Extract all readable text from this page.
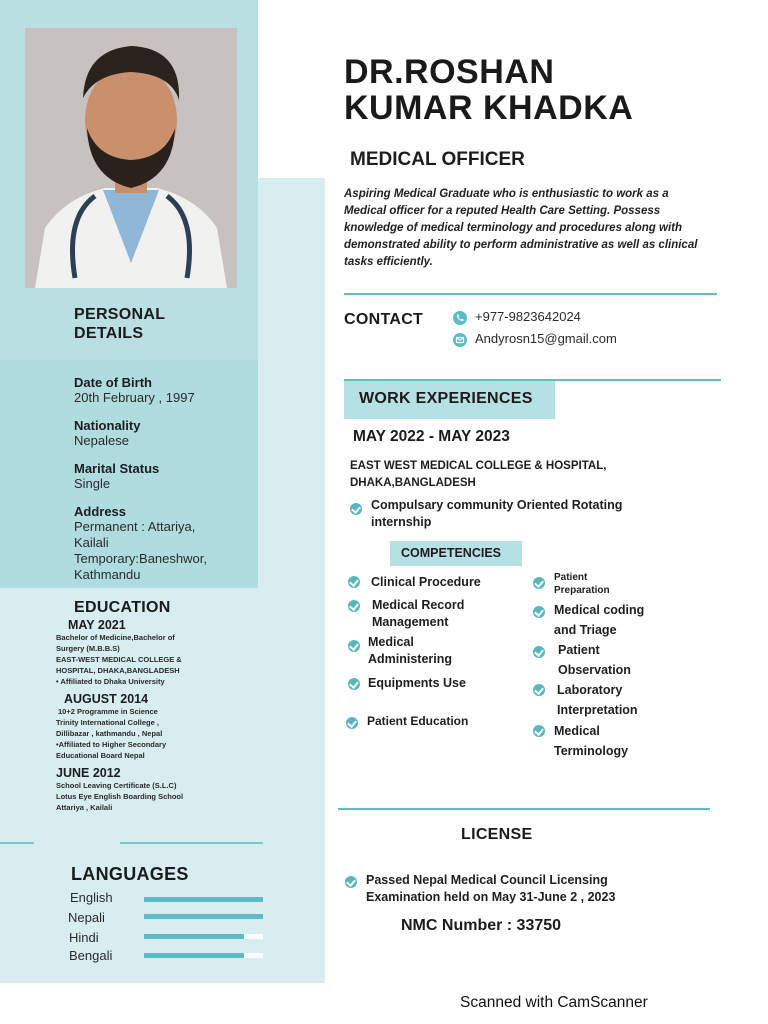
PERSONAL
DETAILS
Date of Birth
20th February , 1997
Nationality
Nepalese
Marital Status
Single
Address
Permanent : Attariya,
Kailali
Temporary:Baneshwor,
Kathmandu
EDUCATION
MAY 2021
Bachelor of Medicine,Bachelor of
Surgery (M.B.B.S)
EAST-WEST MEDICAL COLLEGE &
HOSPITAL, DHAKA,BANGLADESH
• Affiliated to Dhaka University
AUGUST 2014
10+2 Programme in Science
Trinity International College ,
Dillibazar , kathmandu , Nepal
•Affiliated to Higher Secondary
Educational Board Nepal
JUNE 2012
School Leaving Certificate (S.L.C)
Lotus Eye English Boarding School
Attariya , Kailali
LANGUAGES
English
Nepali
Hindi
Bengali
DR.ROSHAN
KUMAR KHADKA
MEDICAL OFFICER
Aspiring Medical Graduate who is enthusiastic to work as a Medical officer for a reputed Health Care Setting. Possess knowledge of medical terminology and procedures along with demonstrated ability to perform administrative as well as clinical tasks efficiently.
CONTACT	+977-9823642024
Andyrosn15@gmail.com
WORK EXPERIENCES
MAY 2022 - MAY 2023
EAST WEST MEDICAL COLLEGE & HOSPITAL,
DHAKA,BANGLADESH
Compulsary community Oriented Rotating
internship
COMPETENCIES
Clinical Procedure
Medical Record
Management
Medical
Administering
Equipments Use
Patient Education
Patient
Preparation
Medical coding
and Triage
Patient
Observation
Laboratory
Interpretation
Medical
Terminology
LICENSE
Passed Nepal Medical Council Licensing
Examination held on May 31-June 2 , 2023
NMC Number : 33750
Scanned with CamScanner
